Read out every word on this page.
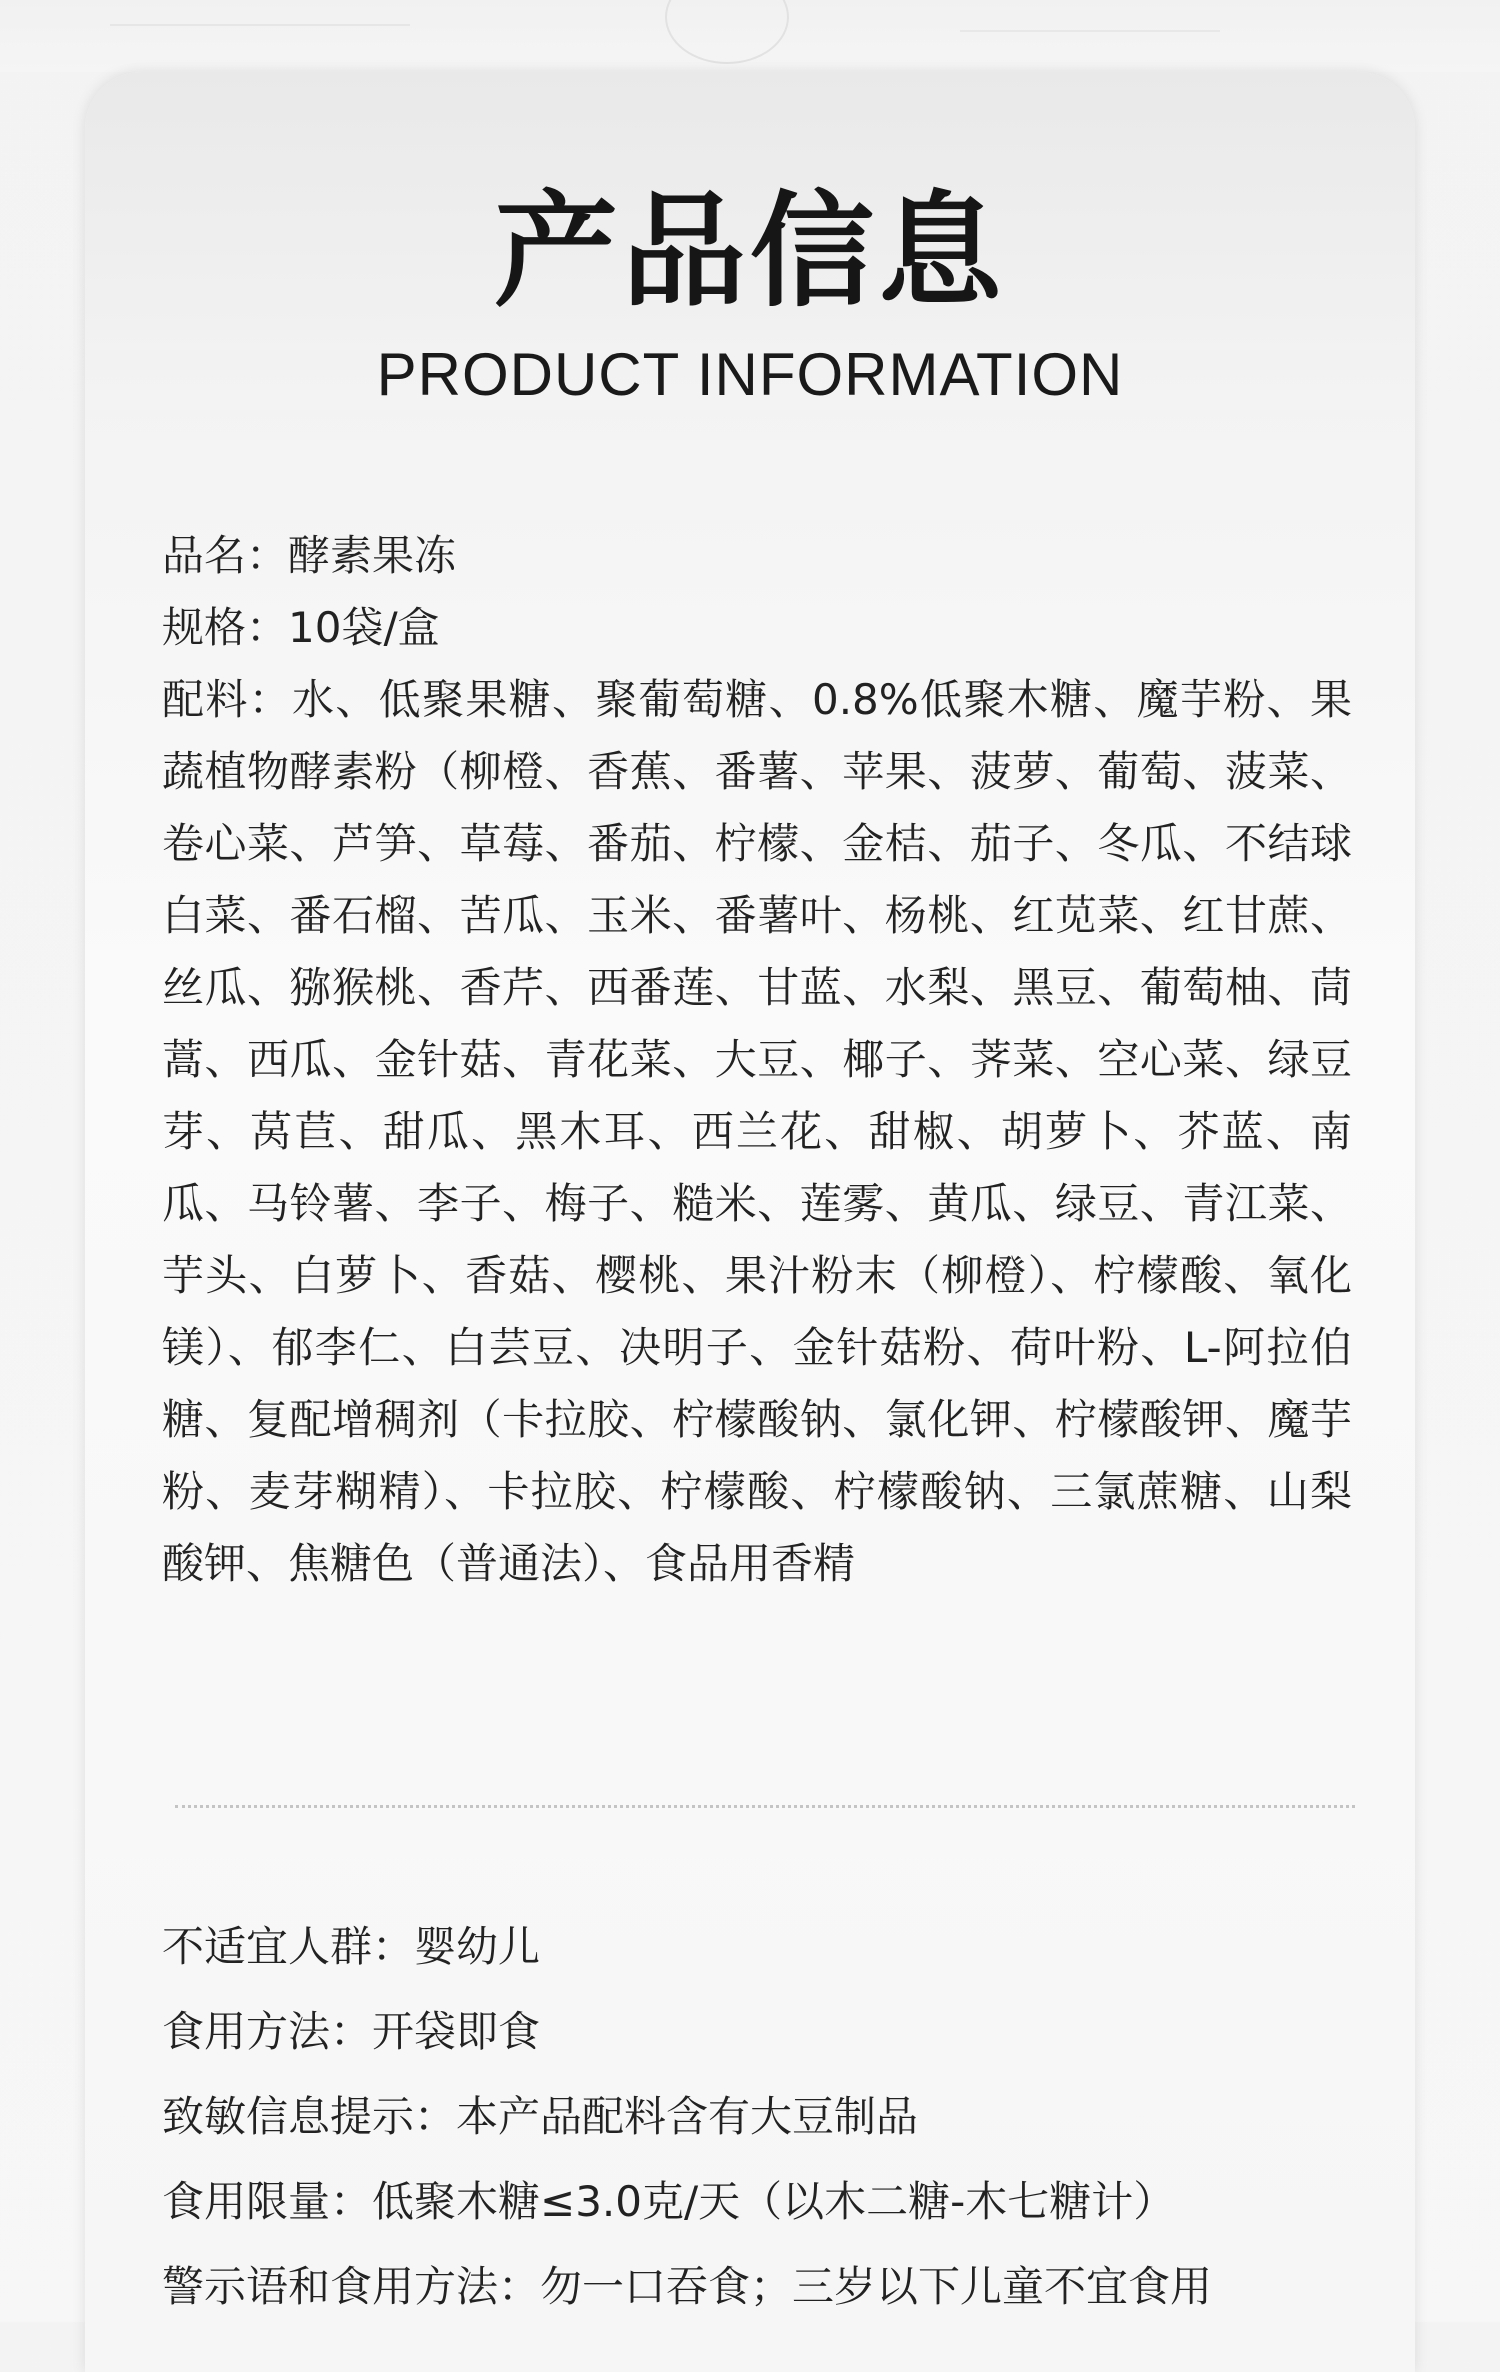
产品信息
PRODUCT INFORMATION

品名：酵素果冻

规格：10袋/盒

配料：水、低聚果糖、聚葡萄糖、0.8%低聚木糖、魔芋粉、果蔬植物酵素粉（柳橙、香蕉、番薯、苹果、菠萝、葡萄、菠菜、卷心菜、芦笋、草莓、番茄、柠檬、金桔、茄子、冬瓜、不结球白菜、番石榴、苦瓜、玉米、番薯叶、杨桃、红苋菜、红甘蔗、丝瓜、猕猴桃、香芹、西番莲、甘蓝、水梨、黑豆、葡萄柚、茼蒿、西瓜、金针菇、青花菜、大豆、椰子、荠菜、空心菜、绿豆芽、莴苣、甜瓜、黑木耳、西兰花、甜椒、胡萝卜、芥蓝、南瓜、马铃薯、李子、梅子、糙米、莲雾、黄瓜、绿豆、青江菜、芋头、白萝卜、香菇、樱桃、果汁粉末（柳橙）、柠檬酸、氧化镁）、郁李仁、白芸豆、决明子、金针菇粉、荷叶粉、L-阿拉伯糖、复配增稠剂（卡拉胶、柠檬酸钠、氯化钾、柠檬酸钾、魔芋粉、麦芽糊精）、卡拉胶、柠檬酸、柠檬酸钠、三氯蔗糖、山梨酸钾、焦糖色（普通法）、食品用香精

不适宜人群：婴幼儿

食用方法：开袋即食

致敏信息提示：本产品配料含有大豆制品

食用限量：低聚木糖≤3.0克/天（以木二糖-木七糖计）

警示语和食用方法：勿一口吞食；三岁以下儿童不宜食用
